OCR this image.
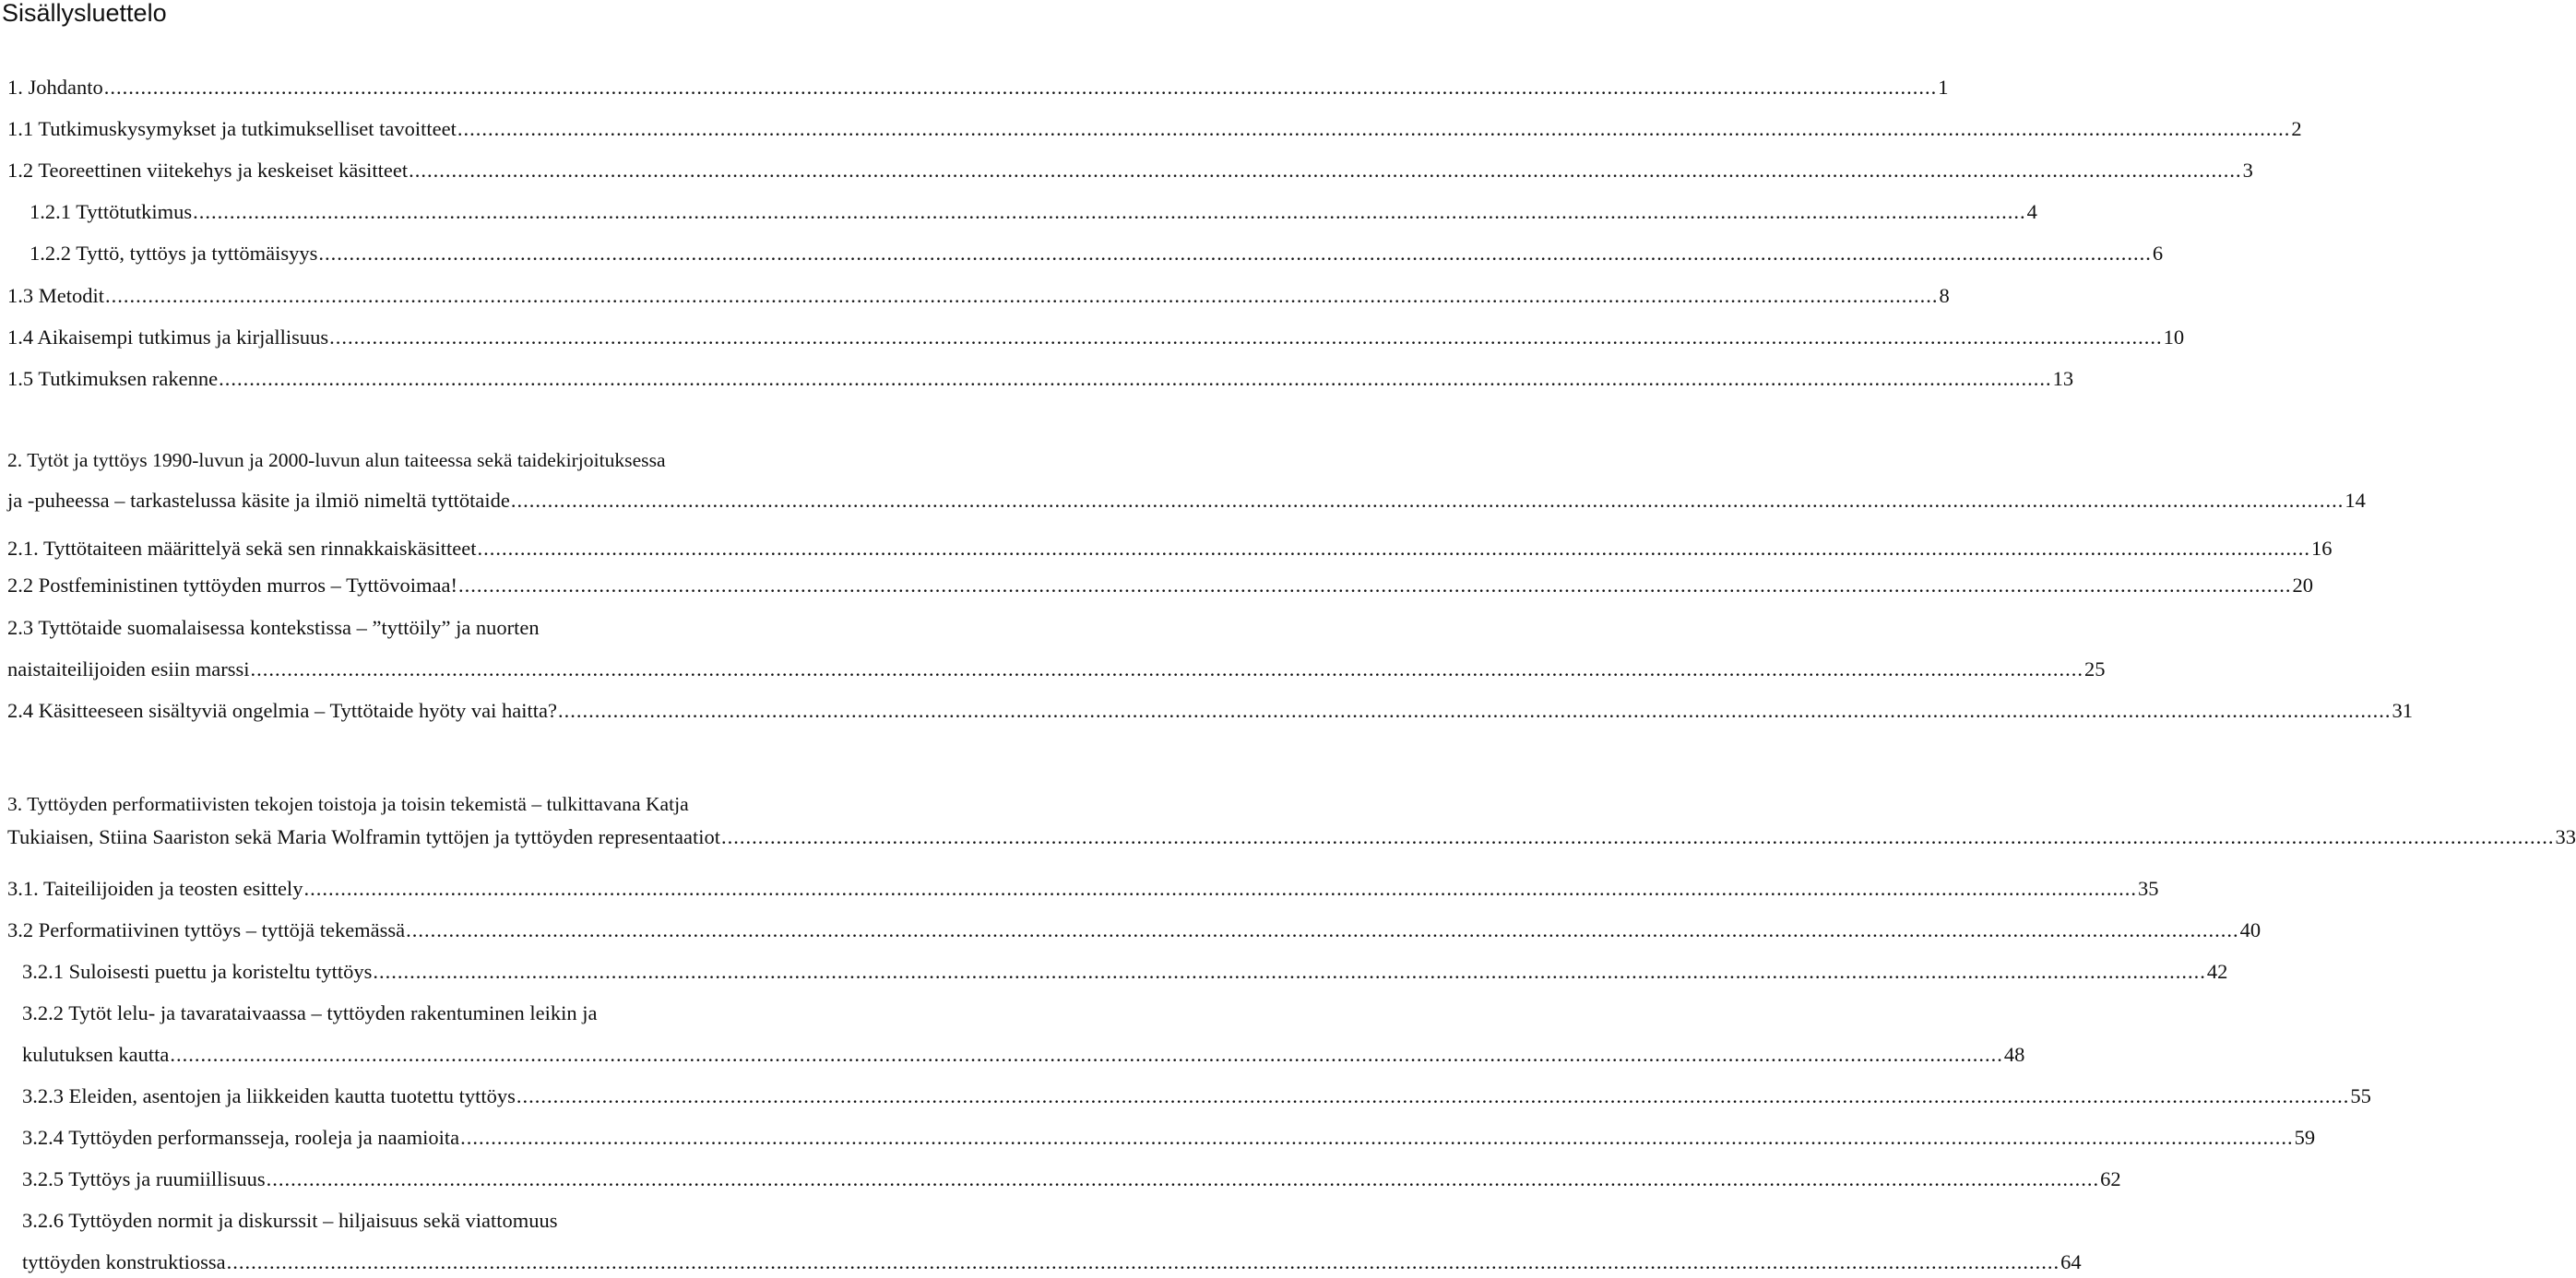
Sisällysluettelo
1. Johdanto ............................................................................................................................................................................................................................................................................................................ 1
1.1 Tutkimuskysymykset ja tutkimukselliset tavoitteet ............................................................................................................................................................................................................................................................................................................ 2
1.2 Teoreettinen viitekehys ja keskeiset käsitteet ............................................................................................................................................................................................................................................................................................................ 3
1.2.1 Tyttötutkimus ............................................................................................................................................................................................................................................................................................................ 4
1.2.2 Tyttö, tyttöys ja tyttömäisyys ............................................................................................................................................................................................................................................................................................................ 6
1.3 Metodit ............................................................................................................................................................................................................................................................................................................ 8
1.4 Aikaisempi tutkimus ja kirjallisuus ............................................................................................................................................................................................................................................................................................................ 10
1.5 Tutkimuksen rakenne ............................................................................................................................................................................................................................................................................................................ 13
2. Tytöt ja tyttöys 1990-luvun ja 2000-luvun alun taiteessa sekä taidekirjoituksessa
ja -puheessa – tarkastelussa käsite ja ilmiö nimeltä tyttötaide ............................................................................................................................................................................................................................................................................................................ 14
2.1. Tyttötaiteen määrittelyä sekä sen rinnakkaiskäsitteet ............................................................................................................................................................................................................................................................................................................ 16
2.2 Postfeministinen tyttöyden murros – Tyttövoimaa! ............................................................................................................................................................................................................................................................................................................ 20
2.3 Tyttötaide suomalaisessa kontekstissa – ”tyttöily” ja nuorten
naistaiteilijoiden esiin marssi ............................................................................................................................................................................................................................................................................................................ 25
2.4 Käsitteeseen sisältyviä ongelmia – Tyttötaide hyöty vai haitta? ............................................................................................................................................................................................................................................................................................................ 31
3. Tyttöyden performatiivisten tekojen toistoja ja toisin tekemistä – tulkittavana Katja
Tukiaisen, Stiina Saariston sekä Maria Wolframin tyttöjen ja tyttöyden representaatiot ............................................................................................................................................................................................................................................................................................................ 33
3.1. Taiteilijoiden ja teosten esittely ............................................................................................................................................................................................................................................................................................................ 35
3.2 Performatiivinen tyttöys – tyttöjä tekemässä ............................................................................................................................................................................................................................................................................................................ 40
3.2.1 Suloisesti puettu ja koristeltu tyttöys ............................................................................................................................................................................................................................................................................................................ 42
3.2.2 Tytöt lelu- ja tavarataivaassa – tyttöyden rakentuminen leikin ja
kulutuksen kautta ............................................................................................................................................................................................................................................................................................................ 48
3.2.3 Eleiden, asentojen ja liikkeiden kautta tuotettu tyttöys ............................................................................................................................................................................................................................................................................................................ 55
3.2.4 Tyttöyden performansseja, rooleja ja naamioita ............................................................................................................................................................................................................................................................................................................ 59
3.2.5 Tyttöys ja ruumiillisuus ............................................................................................................................................................................................................................................................................................................ 62
3.2.6 Tyttöyden normit ja diskurssit – hiljaisuus sekä viattomuus
tyttöyden konstruktiossa ............................................................................................................................................................................................................................................................................................................ 64
